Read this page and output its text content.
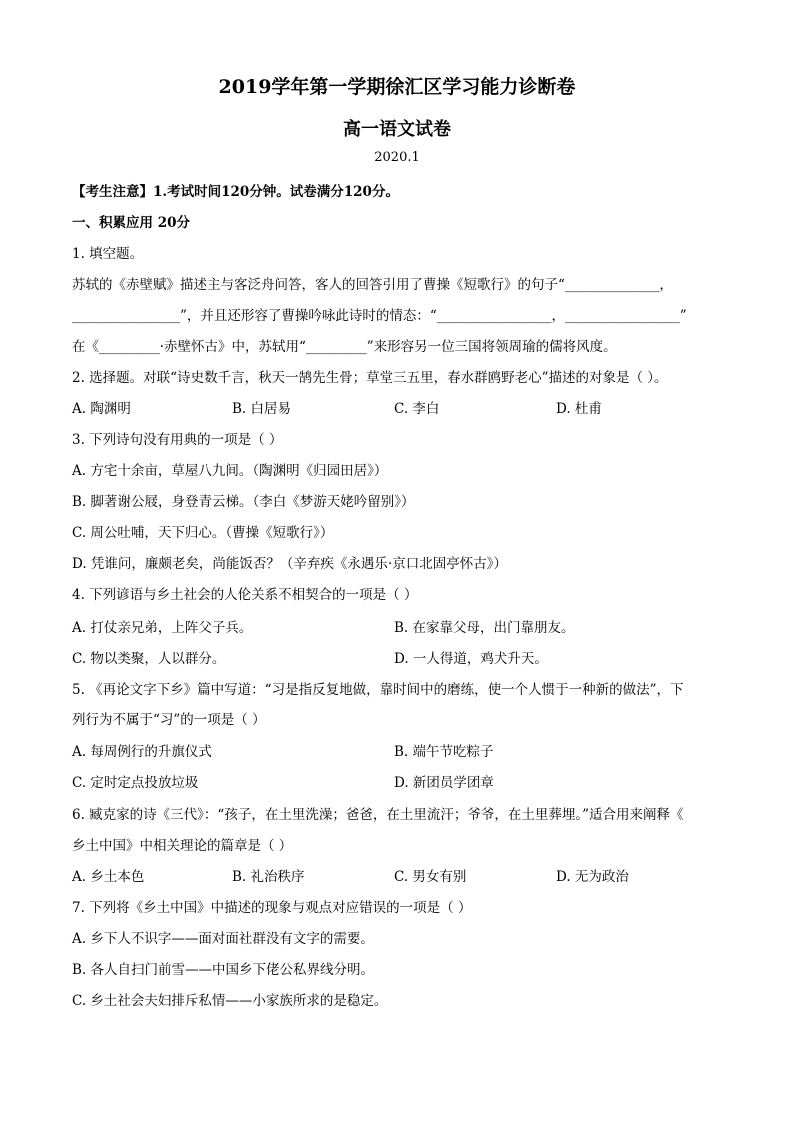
2019学年第一学期徐汇区学习能力诊断卷
高一语文试卷
2020.1
【考生注意】1.考试时间120分钟。试卷满分120分。
一、积累应用 20分
1. 填空题。
苏轼的《赤壁赋》描述主与客泛舟问答，客人的回答引用了曹操《短歌行》的句子“______________，
________________”，并且还形容了曹操吟咏此诗时的情态：“_________________，_________________”
在《_________·赤壁怀古》中，苏轼用“_________”来形容另一位三国将领周瑜的儒将风度。
2. 选择题。对联“诗史数千言，秋天一鹄先生骨；草堂三五里，春水群鸥野老心”描述的对象是（ ）。
A. 陶渊明	B. 白居易	C. 李白	D. 杜甫
3. 下列诗句没有用典的一项是（ ）
A. 方宅十余亩，草屋八九间。（陶渊明《归园田居》）
B. 脚著谢公屐，身登青云梯。（李白《梦游天姥吟留别》）
C. 周公吐哺，天下归心。（曹操《短歌行》）
D. 凭谁问，廉颇老矣，尚能饭否？（辛弃疾《永遇乐·京口北固亭怀古》）
4. 下列谚语与乡土社会的人伦关系不相契合的一项是（ ）
A. 打仗亲兄弟，上阵父子兵。	B. 在家靠父母，出门靠朋友。
C. 物以类聚，人以群分。	D. 一人得道，鸡犬升天。
5. 《再论文字下乡》篇中写道：“习是指反复地做，靠时间中的磨练，使一个人惯于一种新的做法”，下
列行为不属于“习”的一项是（ ）
A. 每周例行的升旗仪式	B. 端午节吃粽子
C. 定时定点投放垃圾	D. 新团员学团章
6. 臧克家的诗《三代》：“孩子，在土里洗澡；爸爸，在土里流汗；爷爷，在土里葬埋。”适合用来阐释《
乡土中国》中相关理论的篇章是（ ）
A. 乡土本色	B. 礼治秩序	C. 男女有别	D. 无为政治
7. 下列将《乡土中国》中描述的现象与观点对应错误的一项是（ ）
A. 乡下人不识字——面对面社群没有文字的需要。
B. 各人自扫门前雪——中国乡下佬公私界线分明。
C. 乡土社会夫妇排斥私情——小家族所求的是稳定。
